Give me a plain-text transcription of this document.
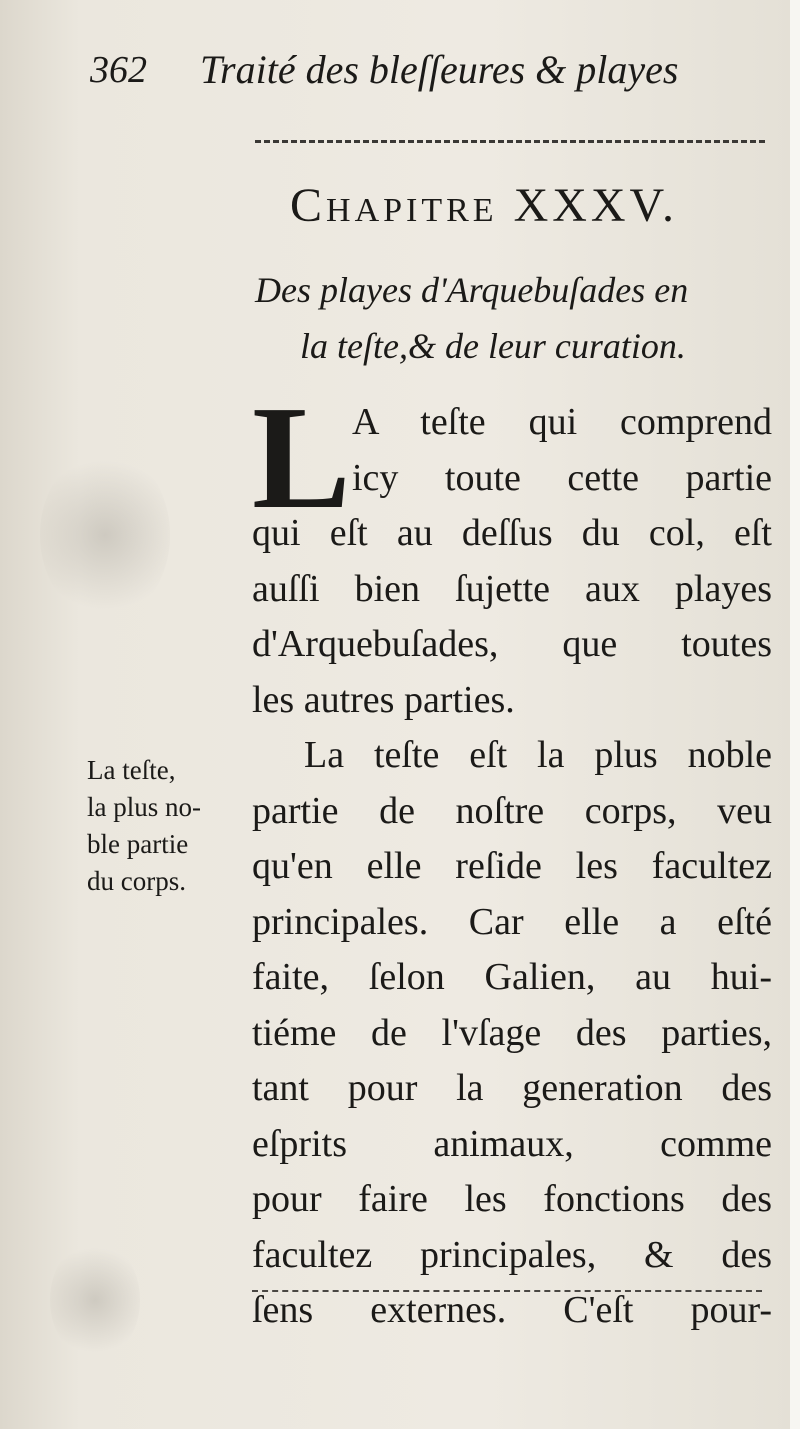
362 Traité des bleſſeures & playes
Chapitre XXXV.
Des playes d'Arquebuſades en
la teſte,& de leur curation.
L A teſte qui comprend
icy toute cette partie
qui eſt au deſſus du col, eſt
auſſi bien ſujette aux playes
d'Arquebuſades, que toutes
les autres parties.
La teſte eſt la plus noble
partie de noſtre corps, veu
qu'en elle reſide les facultez
principales. Car elle a eſté
faite, ſelon Galien, au hui-
tiéme de l'vſage des parties,
tant pour la generation des
eſprits animaux, comme
pour faire les fonctions des
facultez principales, & des
ſens externes. C'eſt pour-
La teſte,
la plus no-
ble partie
du corps.
